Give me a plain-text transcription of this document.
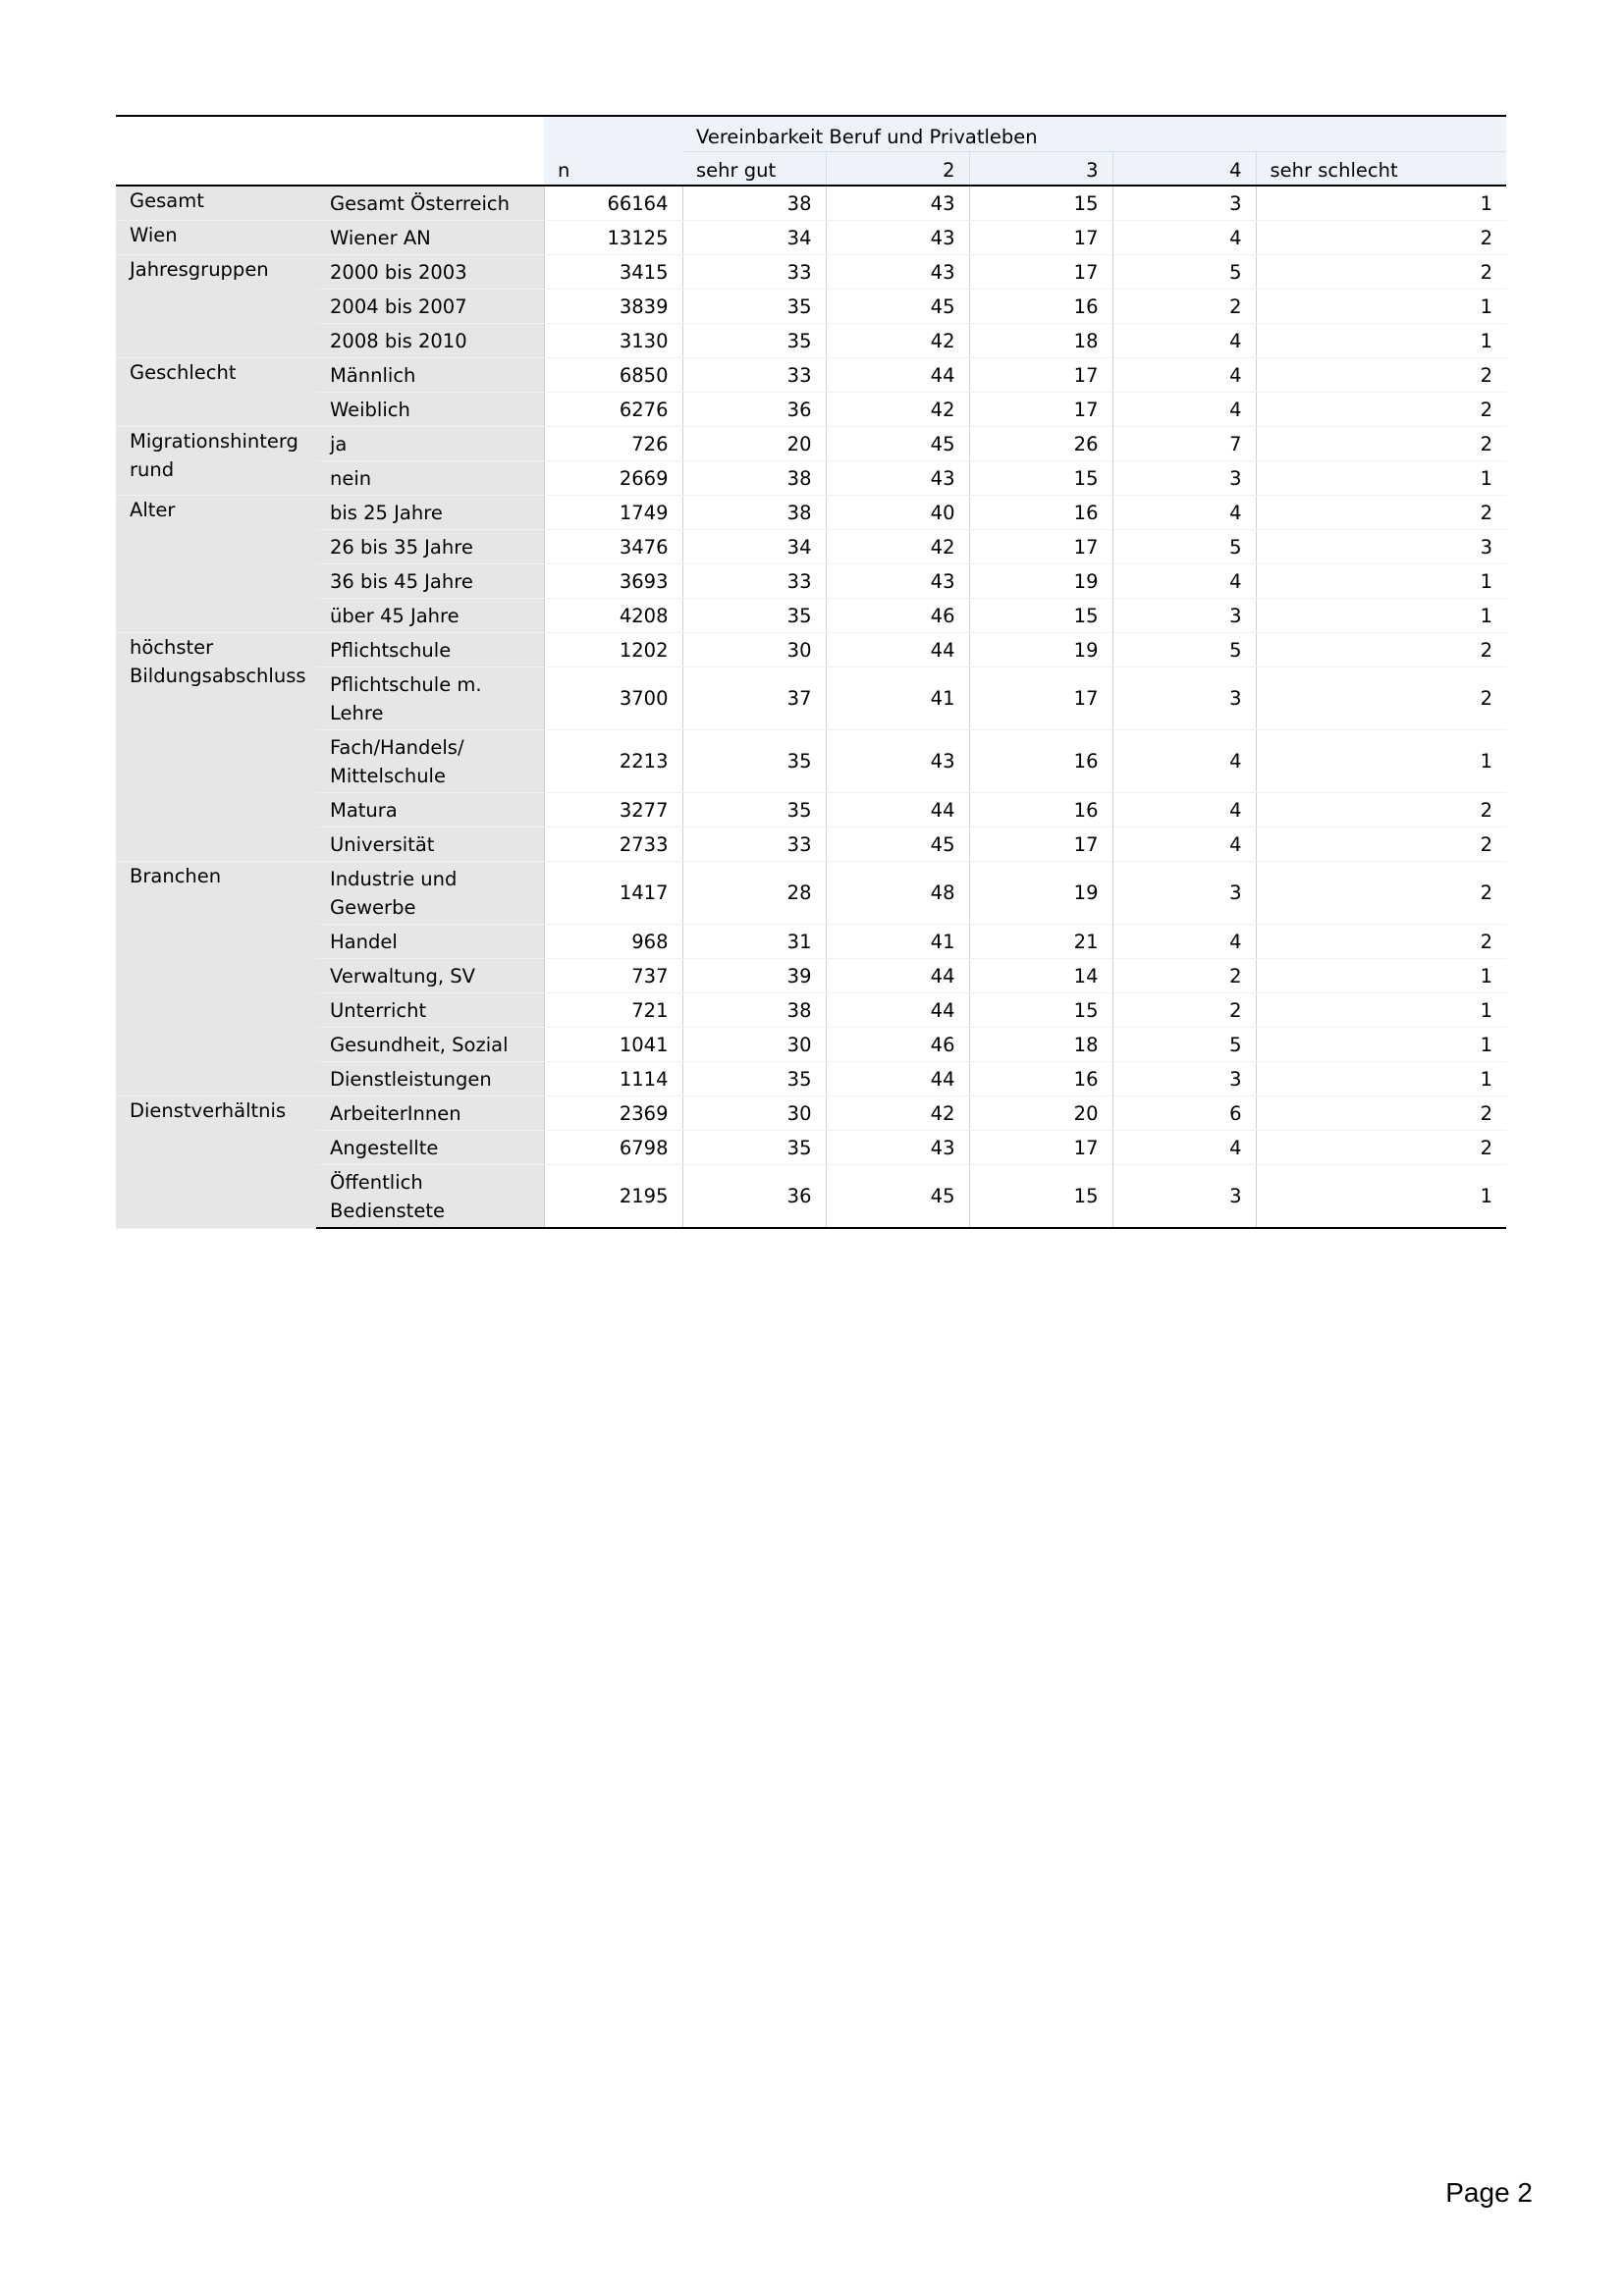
			Vereinbarkeit Beruf und Privatleben				
		n	sehr gut	2	3	4	sehr schlecht
Gesamt	Gesamt Österreich	66164	38	43	15	3	1
Wien	Wiener AN	13125	34	43	17	4	2
Jahresgruppen	2000 bis 2003	3415	33	43	17	5	2
	2004 bis 2007	3839	35	45	16	2	1
	2008 bis 2010	3130	35	42	18	4	1
Geschlecht	Männlich	6850	33	44	17	4	2
	Weiblich	6276	36	42	17	4	2
Migrationshintergrund	ja	726	20	45	26	7	2
	nein	2669	38	43	15	3	1
Alter	bis 25 Jahre	1749	38	40	16	4	2
	26 bis 35 Jahre	3476	34	42	17	5	3
	36 bis 45 Jahre	3693	33	43	19	4	1
	über 45 Jahre	4208	35	46	15	3	1
höchster Bildungsabschluss	Pflichtschule	1202	30	44	19	5	2
	Pflichtschule m. Lehre	3700	37	41	17	3	2
	Fach/Handels/ Mittelschule	2213	35	43	16	4	1
	Matura	3277	35	44	16	4	2
	Universität	2733	33	45	17	4	2
Branchen	Industrie und Gewerbe	1417	28	48	19	3	2
	Handel	968	31	41	21	4	2
	Verwaltung, SV	737	39	44	14	2	1
	Unterricht	721	38	44	15	2	1
	Gesundheit, Sozial	1041	30	46	18	5	1
	Dienstleistungen	1114	35	44	16	3	1
Dienstverhältnis	ArbeiterInnen	2369	30	42	20	6	2
	Angestellte	6798	35	43	17	4	2
	Öffentlich Bedienstete	2195	36	45	15	3	1
Page 2
